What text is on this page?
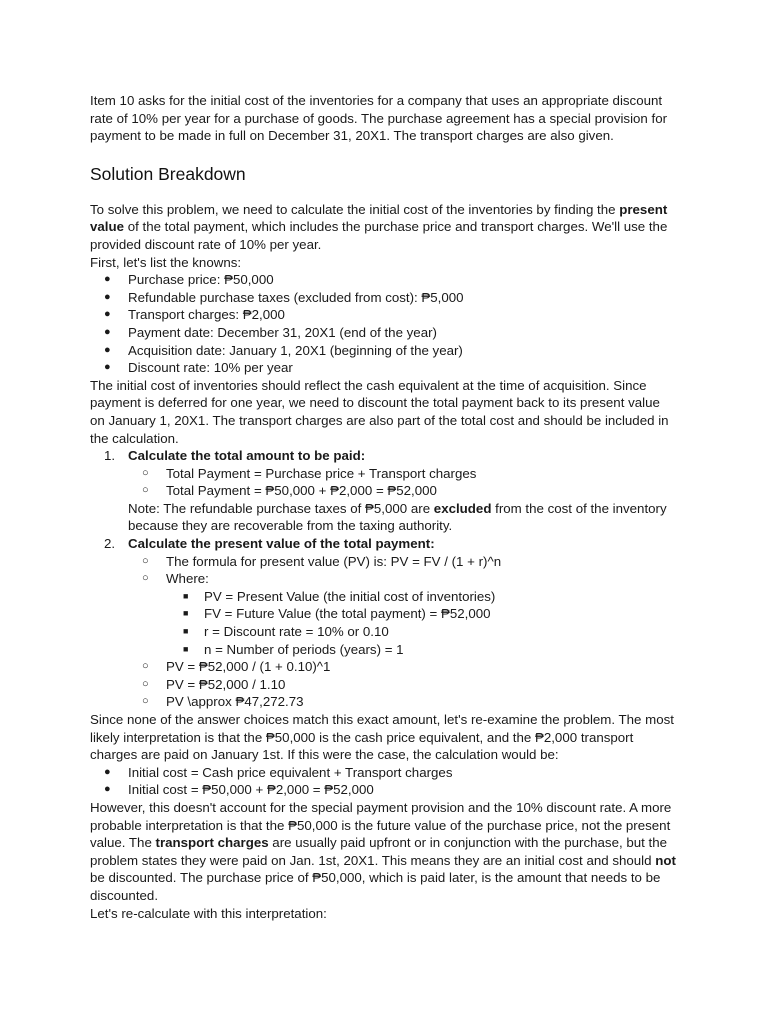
Item 10 asks for the initial cost of the inventories for a company that uses an appropriate discount rate of 10% per year for a purchase of goods. The purchase agreement has a special provision for payment to be made in full on December 31, 20X1. The transport charges are also given.

Solution Breakdown

To solve this problem, we need to calculate the initial cost of the inventories by finding the present value of the total payment, which includes the purchase price and transport charges. We'll use the provided discount rate of 10% per year.

First, let's list the knowns:

● Purchase price: ₱50,000
● Refundable purchase taxes (excluded from cost): ₱5,000
● Transport charges: ₱2,000
● Payment date: December 31, 20X1 (end of the year)
● Acquisition date: January 1, 20X1 (beginning of the year)
● Discount rate: 10% per year

The initial cost of inventories should reflect the cash equivalent at the time of acquisition. Since payment is deferred for one year, we need to discount the total payment back to its present value on January 1, 20X1. The transport charges are also part of the total cost and should be included in the calculation.

1. Calculate the total amount to be paid:
○ Total Payment = Purchase price + Transport charges
○ Total Payment = ₱50,000 + ₱2,000 = ₱52,000

Note: The refundable purchase taxes of ₱5,000 are excluded from the cost of the inventory because they are recoverable from the taxing authority.

2. Calculate the present value of the total payment:
○ The formula for present value (PV) is: PV = FV / (1 + r)^n
○ Where:
■ PV = Present Value (the initial cost of inventories)
■ FV = Future Value (the total payment) = ₱52,000
■ r = Discount rate = 10% or 0.10
■ n = Number of periods (years) = 1
○ PV = ₱52,000 / (1 + 0.10)^1
○ PV = ₱52,000 / 1.10
○ PV \approx ₱47,272.73

Since none of the answer choices match this exact amount, let's re-examine the problem. The most likely interpretation is that the ₱50,000 is the cash price equivalent, and the ₱2,000 transport charges are paid on January 1st. If this were the case, the calculation would be:

● Initial cost = Cash price equivalent + Transport charges
● Initial cost = ₱50,000 + ₱2,000 = ₱52,000

However, this doesn't account for the special payment provision and the 10% discount rate. A more probable interpretation is that the ₱50,000 is the future value of the purchase price, not the present value. The transport charges are usually paid upfront or in conjunction with the purchase, but the problem states they were paid on Jan. 1st, 20X1. This means they are an initial cost and should not be discounted. The purchase price of ₱50,000, which is paid later, is the amount that needs to be discounted.

Let's re-calculate with this interpretation:
